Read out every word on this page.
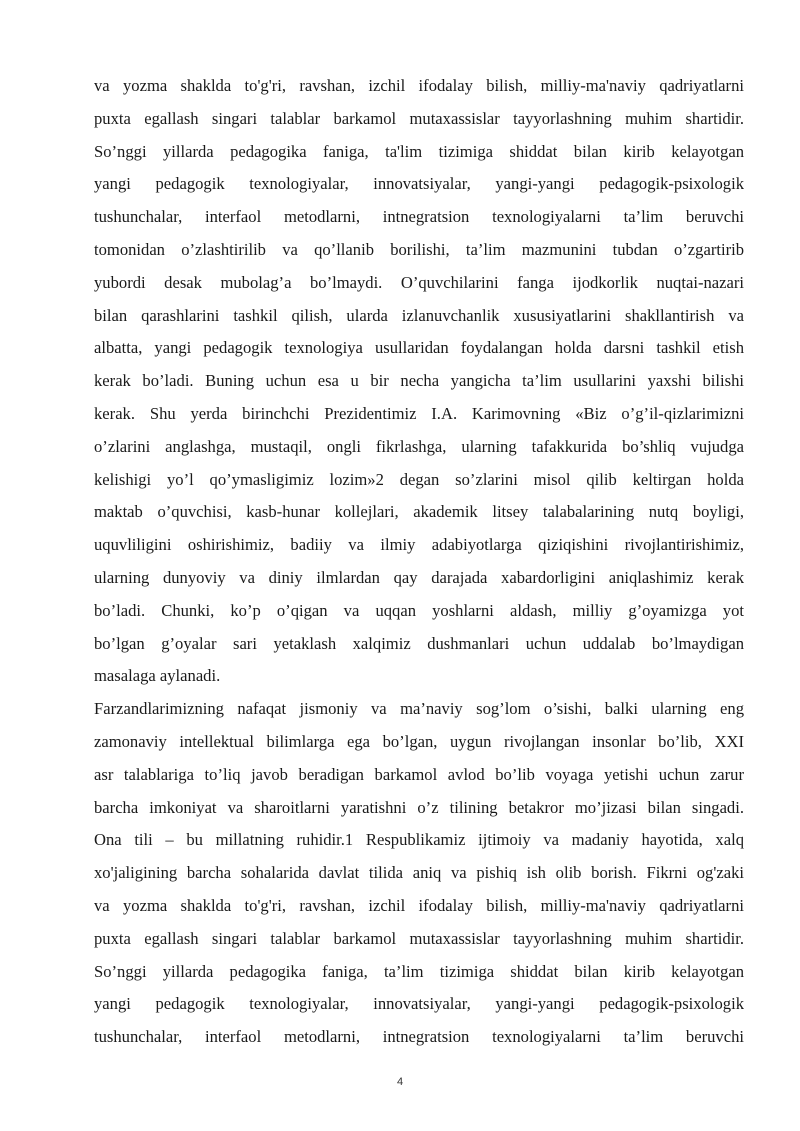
va yozma shaklda to'g'ri, ravshan, izchil ifodalay bilish, milliy-ma'naviy qadriyatlarni
puxta egallash singari talablar barkamol mutaxassislar tayyorlashning muhim shartidir.
So’nggi yillarda pedagogika faniga, ta'lim tizimiga shiddat bilan kirib kelayotgan
yangi pedagogik texnologiyalar, innovatsiyalar, yangi-yangi pedagogik-psixologik
tushunchalar, interfaol metodlarni, intnegratsion texnologiyalarni ta’lim beruvchi
tomonidan o’zlashtirilib va qo’llanib borilishi, ta’lim mazmunini tubdan o’zgartirib
yubordi desak mubolag’a bo’lmaydi. O’quvchilarini fanga ijodkorlik nuqtai-nazari
bilan qarashlarini tashkil qilish, ularda izlanuvchanlik xususiyatlarini shakllantirish va
albatta, yangi pedagogik texnologiya usullaridan foydalangan holda darsni tashkil etish
kerak bo’ladi. Buning uchun esa u bir necha yangicha ta’lim usullarini yaxshi bilishi
kerak. Shu yerda birinchchi Prezidentimiz I.A. Karimovning «Biz o’g’il-qizlarimizni
o’zlarini anglashga, mustaqil, ongli fikrlashga, ularning tafakkurida bo’shliq vujudga
kelishigi yo’l qo’ymasligimiz lozim»2 degan so’zlarini misol qilib keltirgan holda
maktab o’quvchisi, kasb-hunar kollejlari, akademik litsey talabalarining nutq boyligi,
uquvliligini oshirishimiz, badiiy va ilmiy adabiyotlarga qiziqishini rivojlantirishimiz,
ularning dunyoviy va diniy ilmlardan qay darajada xabardorligini aniqlashimiz kerak
bo’ladi. Chunki, ko’p o’qigan va uqqan yoshlarni aldash, milliy g’oyamizga yot
bo’lgan g’oyalar sari yetaklash xalqimiz dushmanlari uchun uddalab bo’lmaydigan
masalaga aylanadi.
Farzandlarimizning nafaqat jismoniy va ma’naviy sog’lom o’sishi, balki ularning eng
zamonaviy intellektual bilimlarga ega bo’lgan, uygun rivojlangan insonlar bo’lib, XXI
asr talablariga to’liq javob beradigan barkamol avlod bo’lib voyaga yetishi uchun zarur
barcha imkoniyat va sharoitlarni yaratishni o’z tilining betakror mo’jizasi bilan singadi.
Ona tili – bu millatning ruhidir.1 Respublikamiz ijtimoiy va madaniy hayotida, xalq
xo'jaligining barcha sohalarida davlat tilida aniq va pishiq ish olib borish. Fikrni og'zaki
va yozma shaklda to'g'ri, ravshan, izchil ifodalay bilish, milliy-ma'naviy qadriyatlarni
puxta egallash singari talablar barkamol mutaxassislar tayyorlashning muhim shartidir.
So’nggi yillarda pedagogika faniga, ta’lim tizimiga shiddat bilan kirib kelayotgan
yangi pedagogik texnologiyalar, innovatsiyalar, yangi-yangi pedagogik-psixologik
tushunchalar, interfaol metodlarni, intnegratsion texnologiyalarni ta’lim beruvchi
4
